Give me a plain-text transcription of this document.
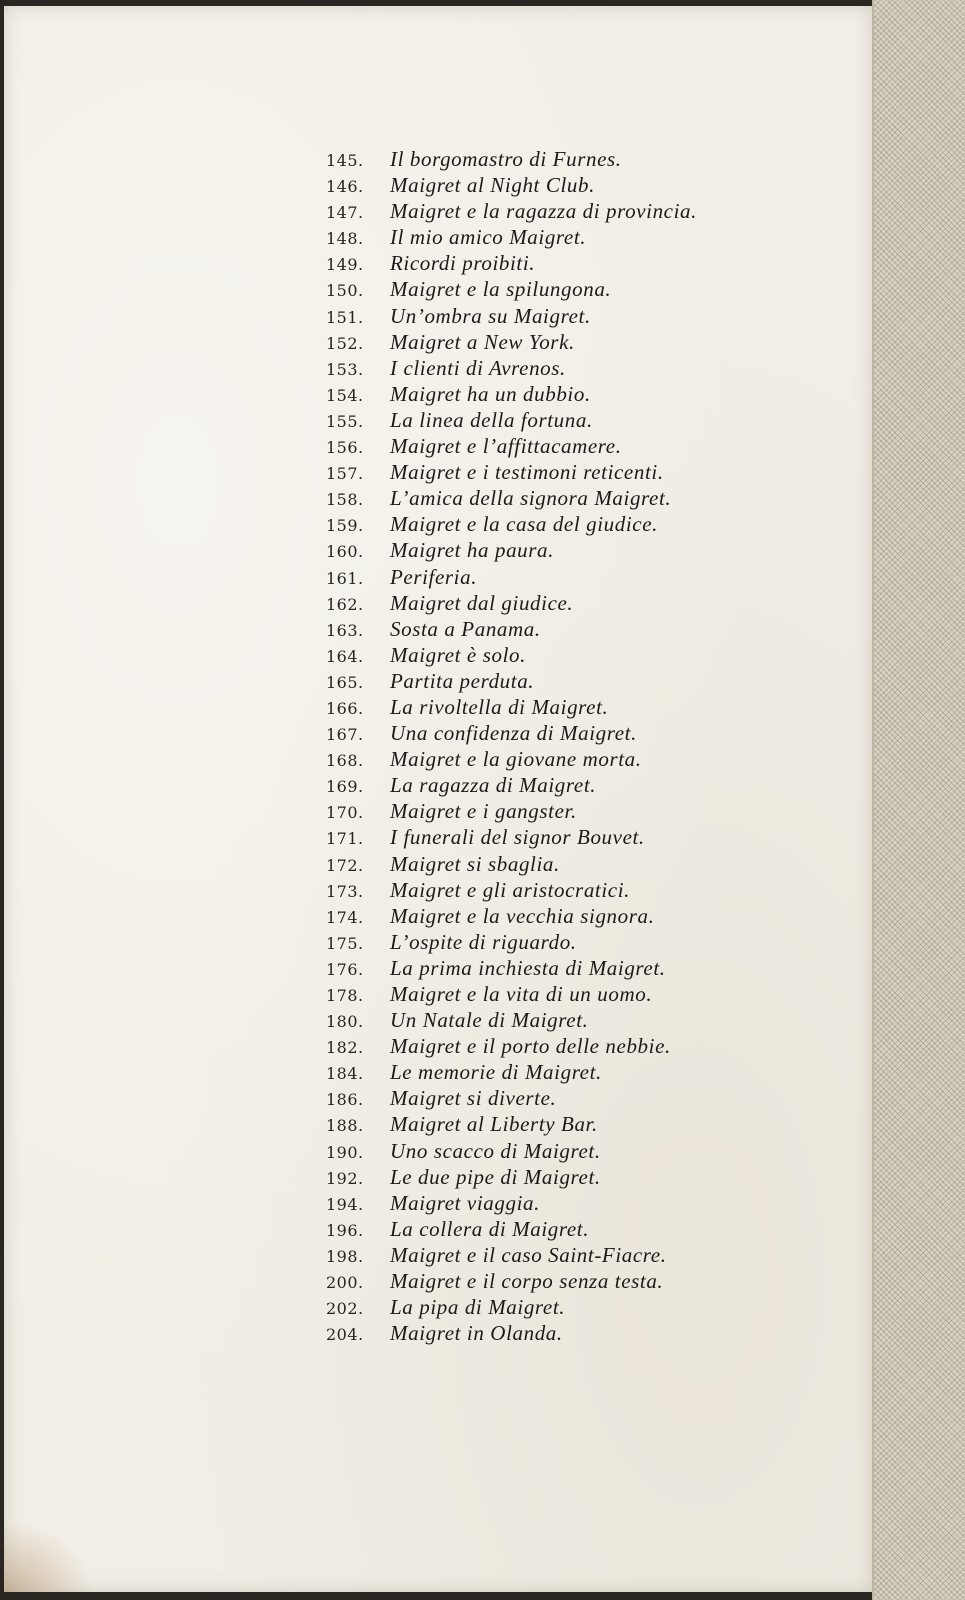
145. Il borgomastro di Furnes.
146. Maigret al Night Club.
147. Maigret e la ragazza di provincia.
148. Il mio amico Maigret.
149. Ricordi proibiti.
150. Maigret e la spilungona.
151. Un’ombra su Maigret.
152. Maigret a New York.
153. I clienti di Avrenos.
154. Maigret ha un dubbio.
155. La linea della fortuna.
156. Maigret e l’affittacamere.
157. Maigret e i testimoni reticenti.
158. L’amica della signora Maigret.
159. Maigret e la casa del giudice.
160. Maigret ha paura.
161. Periferia.
162. Maigret dal giudice.
163. Sosta a Panama.
164. Maigret è solo.
165. Partita perduta.
166. La rivoltella di Maigret.
167. Una confidenza di Maigret.
168. Maigret e la giovane morta.
169. La ragazza di Maigret.
170. Maigret e i gangster.
171. I funerali del signor Bouvet.
172. Maigret si sbaglia.
173. Maigret e gli aristocratici.
174. Maigret e la vecchia signora.
175. L’ospite di riguardo.
176. La prima inchiesta di Maigret.
178. Maigret e la vita di un uomo.
180. Un Natale di Maigret.
182. Maigret e il porto delle nebbie.
184. Le memorie di Maigret.
186. Maigret si diverte.
188. Maigret al Liberty Bar.
190. Uno scacco di Maigret.
192. Le due pipe di Maigret.
194. Maigret viaggia.
196. La collera di Maigret.
198. Maigret e il caso Saint-Fiacre.
200. Maigret e il corpo senza testa.
202. La pipa di Maigret.
204. Maigret in Olanda.
